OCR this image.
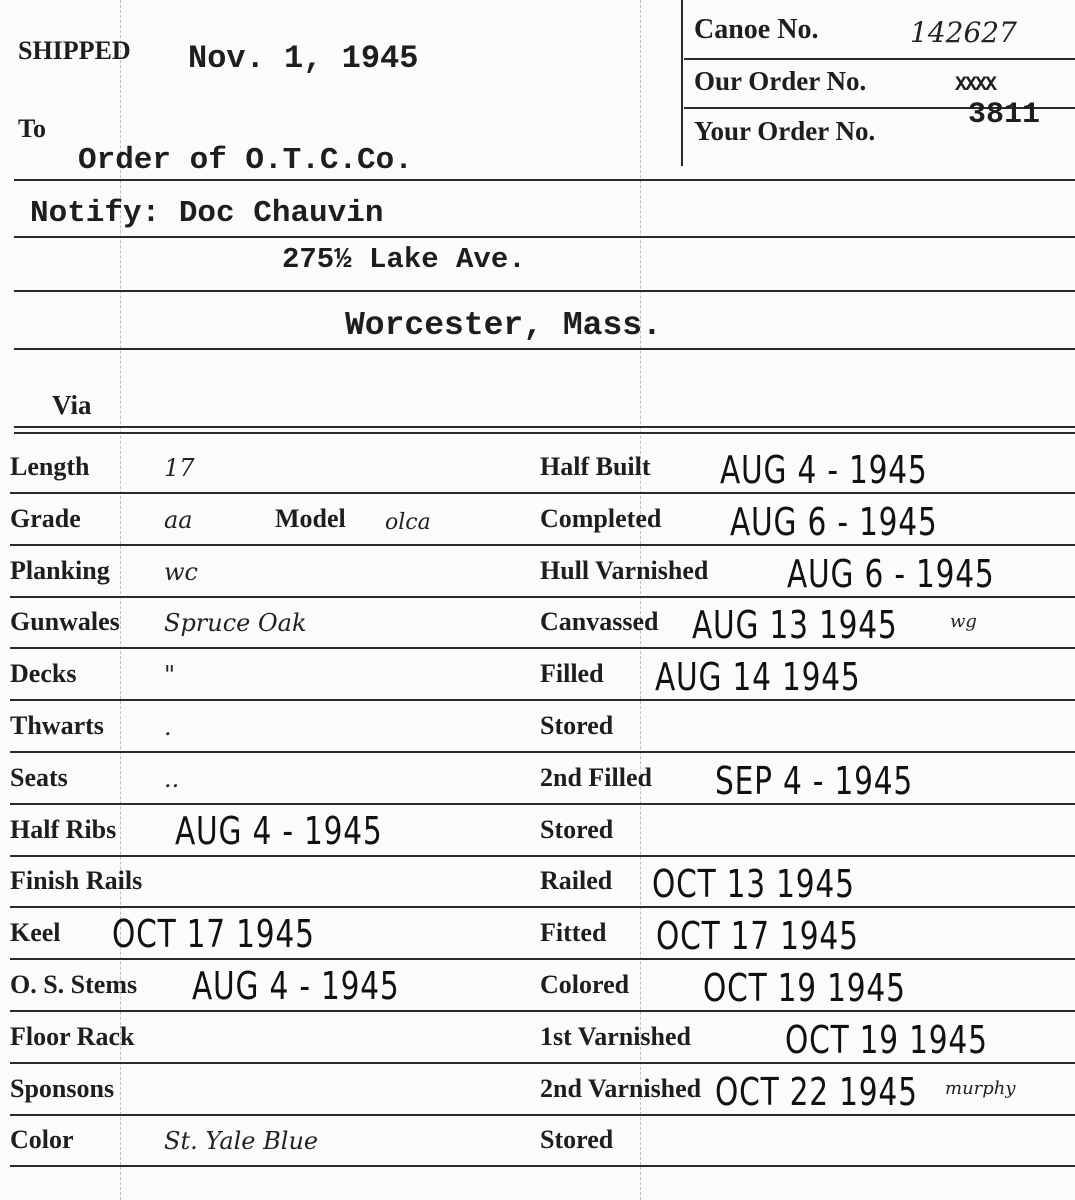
SHIPPED Nov. 1, 1945
Canoe No.	142627
Our Order No.	XXXX
Your Order No.	3811
To
Order of O.T.C.Co.
Notify: Doc Chauvin
275½ Lake Ave.
Worcester, Mass.
Via
Length	17	Half Built AUG 4 - 1945
Grade	aa	Model olca	Completed AUG 6 - 1945
Planking wc	Hull Varnished AUG 6 - 1945
Gunwales Spruce Oak	Canvassed AUG 13 1945	wg
Decks	"	Filled AUG 14 1945
Thwarts	.	Stored
Seats	..	2nd Filled SEP 4 - 1945
Half Ribs AUG 4 - 1945	Stored
Finish Rails	Railed OCT 13 1945
Keel OCT 17 1945	Fitted OCT 17 1945
O. S. Stems AUG 4 - 1945	Colored OCT 19 1945
Floor Rack	1st Varnished OCT 19 1945
Sponsons	2nd Varnished OCT 22 1945 murphy
Color	St. Yale Blue	Stored
